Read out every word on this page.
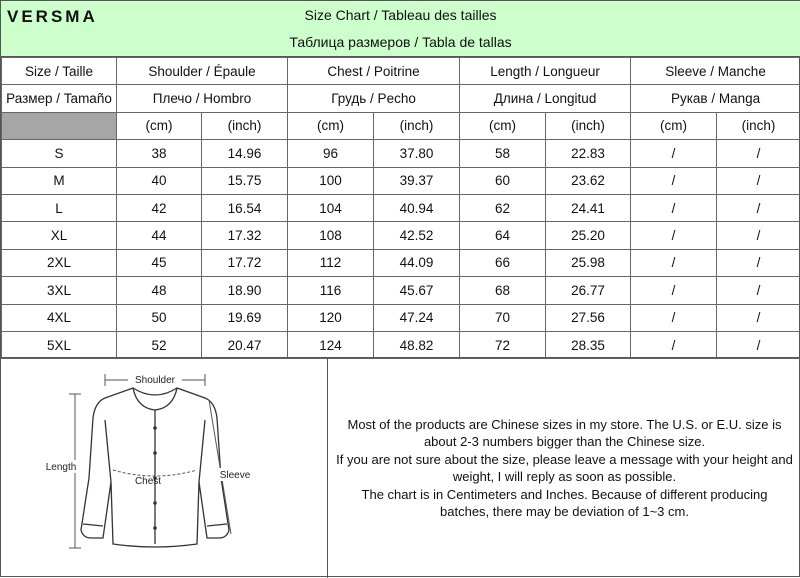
VERSMA	Size Chart / Tableau des tailles
Таблица размеров / Tabla de tallas
Size / Taille	Shoulder / Épaule		Chest / Poitrine		Length / Longueur		Sleeve / Manche	
Размер / Tamaño	Плечо / Hombro		Грудь / Pecho		Длина / Longitud		Рукав / Manga	
	(cm)	(inch)	(cm)	(inch)	(cm)	(inch)	(cm)	(inch)
S	38	14.96	96	37.80	58	22.83	/	/
M	40	15.75	100	39.37	60	23.62	/	/
L	42	16.54	104	40.94	62	24.41	/	/
XL	44	17.32	108	42.52	64	25.20	/	/
2XL	45	17.72	112	44.09	66	25.98	/	/
3XL	48	18.90	116	45.67	68	26.77	/	/
4XL	50	19.69	120	47.24	70	27.56	/	/
5XL	52	20.47	124	48.82	72	28.35	/	/
Shoulder
Length
Chest
Sleeve

Most of the products are Chinese sizes in my store. The U.S. or E.U. size is

about 2-3 numbers bigger than the Chinese size.

If you are not sure about the size, please leave a message with your height and

weight, I will reply as soon as possible.

The chart is in Centimeters and Inches. Because of different producing

batches, there may be deviation of 1~3 cm.
